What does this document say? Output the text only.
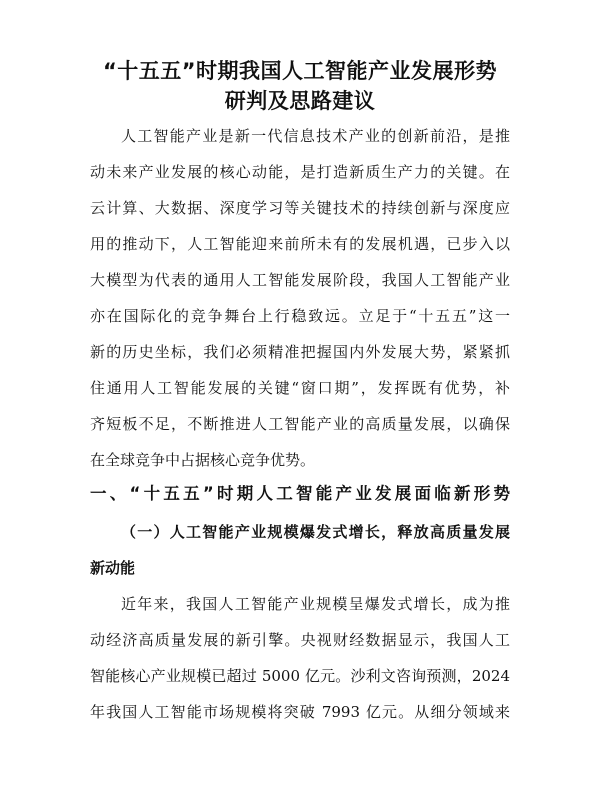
“十五五”时期我国人工智能产业发展形势
研判及思路建议
人工智能产业是新一代信息技术产业的创新前沿，是推
动未来产业发展的核心动能，是打造新质生产力的关键。在
云计算、大数据、深度学习等关键技术的持续创新与深度应
用的推动下，人工智能迎来前所未有的发展机遇，已步入以
大模型为代表的通用人工智能发展阶段，我国人工智能产业
亦在国际化的竞争舞台上行稳致远。立足于“十五五”这一
新的历史坐标，我们必须精准把握国内外发展大势，紧紧抓
住通用人工智能发展的关键“窗口期”，发挥既有优势，补
齐短板不足，不断推进人工智能产业的高质量发展，以确保
在全球竞争中占据核心竞争优势。
一、“十五五”时期人工智能产业发展面临新形势
（一）人工智能产业规模爆发式增长，释放高质量发展
新动能
近年来，我国人工智能产业规模呈爆发式增长，成为推
动经济高质量发展的新引擎。央视财经数据显示，我国人工
智能核心产业规模已超过 5000 亿元。沙利文咨询预测，2024
年我国人工智能市场规模将突破 7993 亿元。从细分领域来
